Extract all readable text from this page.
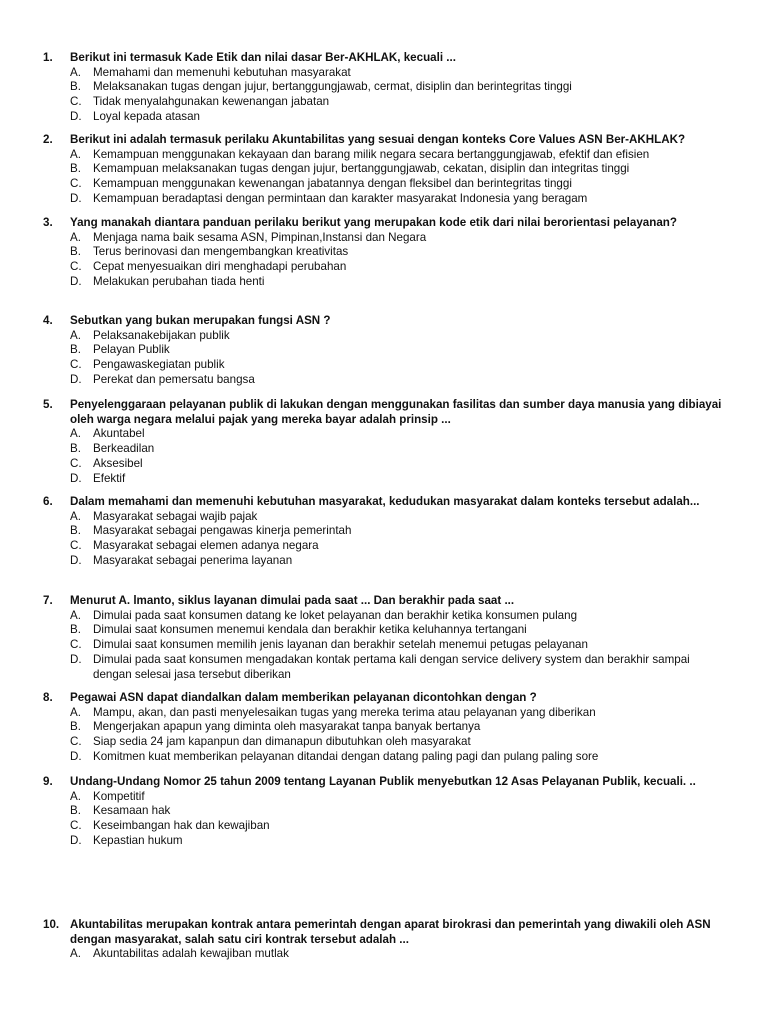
1. Berikut ini termasuk Kade Etik dan nilai dasar Ber-AKHLAK, kecuali ...
A. Memahami dan memenuhi kebutuhan masyarakat
B. Melaksanakan tugas dengan jujur, bertanggungjawab, cermat, disiplin dan berintegritas tinggi
C. Tidak menyalahgunakan kewenangan jabatan
D. Loyal kepada atasan
2. Berikut ini adalah termasuk perilaku Akuntabilitas yang sesuai dengan konteks Core Values ASN Ber-AKHLAK?
A. Kemampuan menggunakan kekayaan dan barang milik negara secara bertanggungjawab, efektif dan efisien
B. Kemampuan melaksanakan tugas dengan jujur, bertanggungjawab, cekatan, disiplin dan integritas tinggi
C. Kemampuan menggunakan kewenangan jabatannya dengan fleksibel dan berintegritas tinggi
D. Kemampuan beradaptasi dengan permintaan dan karakter masyarakat Indonesia yang beragam
3. Yang manakah diantara panduan perilaku berikut yang merupakan kode etik dari nilai berorientasi pelayanan?
A. Menjaga nama baik sesama ASN, Pimpinan,Instansi dan Negara
B. Terus berinovasi dan mengembangkan kreativitas
C. Cepat menyesuaikan diri menghadapi perubahan
D. Melakukan perubahan tiada henti
4. Sebutkan yang bukan merupakan fungsi ASN ?
A. Pelaksanakebijakan publik
B. Pelayan Publik
C. Pengawaskegiatan publik
D. Perekat dan pemersatu bangsa
5. Penyelenggaraan pelayanan publik di lakukan dengan menggunakan fasilitas dan sumber daya manusia yang dibiayai oleh warga negara melalui pajak yang mereka bayar adalah prinsip ...
A. Akuntabel
B. Berkeadilan
C. Aksesibel
D. Efektif
6. Dalam memahami dan memenuhi kebutuhan masyarakat, kedudukan masyarakat dalam konteks tersebut adalah...
A. Masyarakat sebagai wajib pajak
B. Masyarakat sebagai pengawas kinerja pemerintah
C. Masyarakat sebagai elemen adanya negara
D. Masyarakat sebagai penerima layanan
7. Menurut A. lmanto, siklus layanan dimulai pada saat ... Dan berakhir pada saat ...
A. Dimulai pada saat konsumen datang ke loket pelayanan dan berakhir ketika konsumen pulang
B. Dimulai saat konsumen menemui kendala dan berakhir ketika keluhannya tertangani
C. Dimulai saat konsumen memilih jenis layanan dan berakhir setelah menemui petugas pelayanan
D. Dimulai pada saat konsumen mengadakan kontak pertama kali dengan service delivery system dan berakhir sampai dengan selesai jasa tersebut diberikan
8. Pegawai ASN dapat diandalkan dalam memberikan pelayanan dicontohkan dengan ?
A. Mampu, akan, dan pasti menyelesaikan tugas yang mereka terima atau pelayanan yang diberikan
B. Mengerjakan apapun yang diminta oleh masyarakat tanpa banyak bertanya
C. Siap sedia 24 jam kapanpun dan dimanapun dibutuhkan oleh masyarakat
D. Komitmen kuat memberikan pelayanan ditandai dengan datang paling pagi dan pulang paling sore
9. Undang-Undang Nomor 25 tahun 2009 tentang Layanan Publik menyebutkan 12 Asas Pelayanan Publik, kecuali. ..
A. Kompetitif
B. Kesamaan hak
C. Keseimbangan hak dan kewajiban
D. Kepastian hukum
10. Akuntabilitas merupakan kontrak antara pemerintah dengan aparat birokrasi dan pemerintah yang diwakili oleh ASN dengan masyarakat, salah satu ciri kontrak tersebut adalah ...
A. Akuntabilitas adalah kewajiban mutlak
